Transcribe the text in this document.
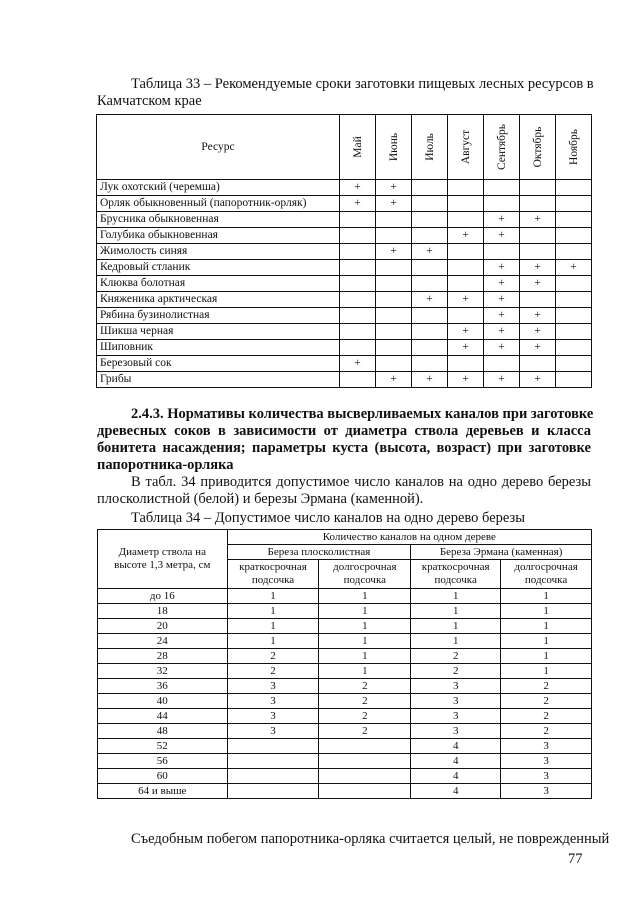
Таблица 33 – Рекомендуемые сроки заготовки пищевых лесных ресурсов в
Камчатском крае
Ресурс	Май	Июнь	Июль	Август	Сентябрь	Октябрь	Ноябрь

Лук охотский (черемша)	+	+					
Орляк обыкновенный (папоротник-орляк)	+	+					
Брусника обыкновенная					+	+	
Голубика обыкновенная				+	+		
Жимолость синяя		+	+				
Кедровый стланик					+	+	+
Клюква болотная					+	+	
Княженика арктическая			+	+	+		
Рябина бузинолистная					+	+	
Шикша черная				+	+	+	
Шиповник				+	+	+	
Березовый сок	+						
Грибы		+	+	+	+	+	
2.4.3. Нормативы количества высверливаемых каналов при заготовке
древесных соков в зависимости от диаметра ствола деревьев и класса
бонитета насаждения; параметры куста (высота, возраст) при заготовке
папоротника-орляка
В табл. 34 приводится допустимое число каналов на одно дерево березы
плосколистной (белой) и березы Эрмана (каменной).
Таблица 34 – Допустимое число каналов на одно дерево березы
Диаметр ствола на высоте 1,3 метра, см	Количество каналов на одном дереве			
	Береза плосколистная		Береза Эрмана (каменная)	
	краткосрочная подсочка	долгосрочная подсочка	краткосрочная подсочка	долгосрочная подсочка
до 16	1	1	1	1
18	1	1	1	1
20	1	1	1	1
24	1	1	1	1
28	2	1	2	1
32	2	1	2	1
36	3	2	3	2
40	3	2	3	2
44	3	2	3	2
48	3	2	3	2
52			4	3
56			4	3
60			4	3
64 и выше			4	3
Съедобным побегом папоротника-орляка считается целый, не поврежденный
77
